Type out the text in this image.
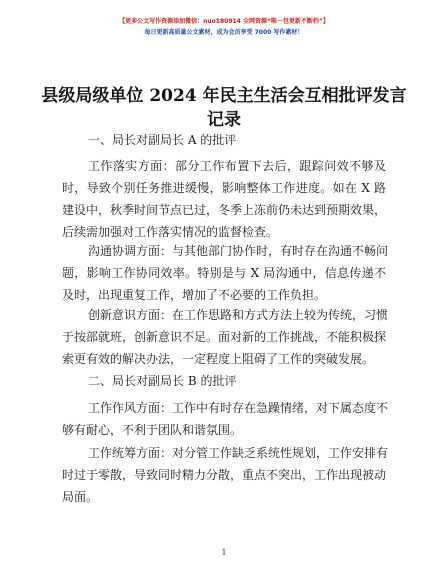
【更多公文写作资源添加微信：nuo180914 全网资源“唯一包更新不断档”】
每日更新高质量公文素材，成为会员享受 7000 写作素材！
县级局级单位 2024 年民主生活会互相批评发言
记录
一、局长对副局长 A 的批评
工作落实方面：部分工作布置下去后，跟踪问效不够及
时，导致个别任务推进缓慢，影响整体工作进度。如在 X 路
建设中，秋季时间节点已过，冬季上冻前仍未达到预期效果，
后续需加强对工作落实情况的监督检查。
沟通协调方面：与其他部门协作时，有时存在沟通不畅问
题，影响工作协同效率。特别是与 X 局沟通中，信息传递不
及时，出现重复工作，增加了不必要的工作负担。
创新意识方面：在工作思路和方式方法上较为传统，习惯
于按部就班，创新意识不足。面对新的工作挑战，不能积极探
索更有效的解决办法，一定程度上阻碍了工作的突破发展。
二、局长对副局长 B 的批评
工作作风方面：工作中有时存在急躁情绪，对下属态度不
够有耐心，不利于团队和谐氛围。
工作统筹方面：对分管工作缺乏系统性规划，工作安排有
时过于零散，导致同时精力分散，重点不突出，工作出现被动
局面。
1
